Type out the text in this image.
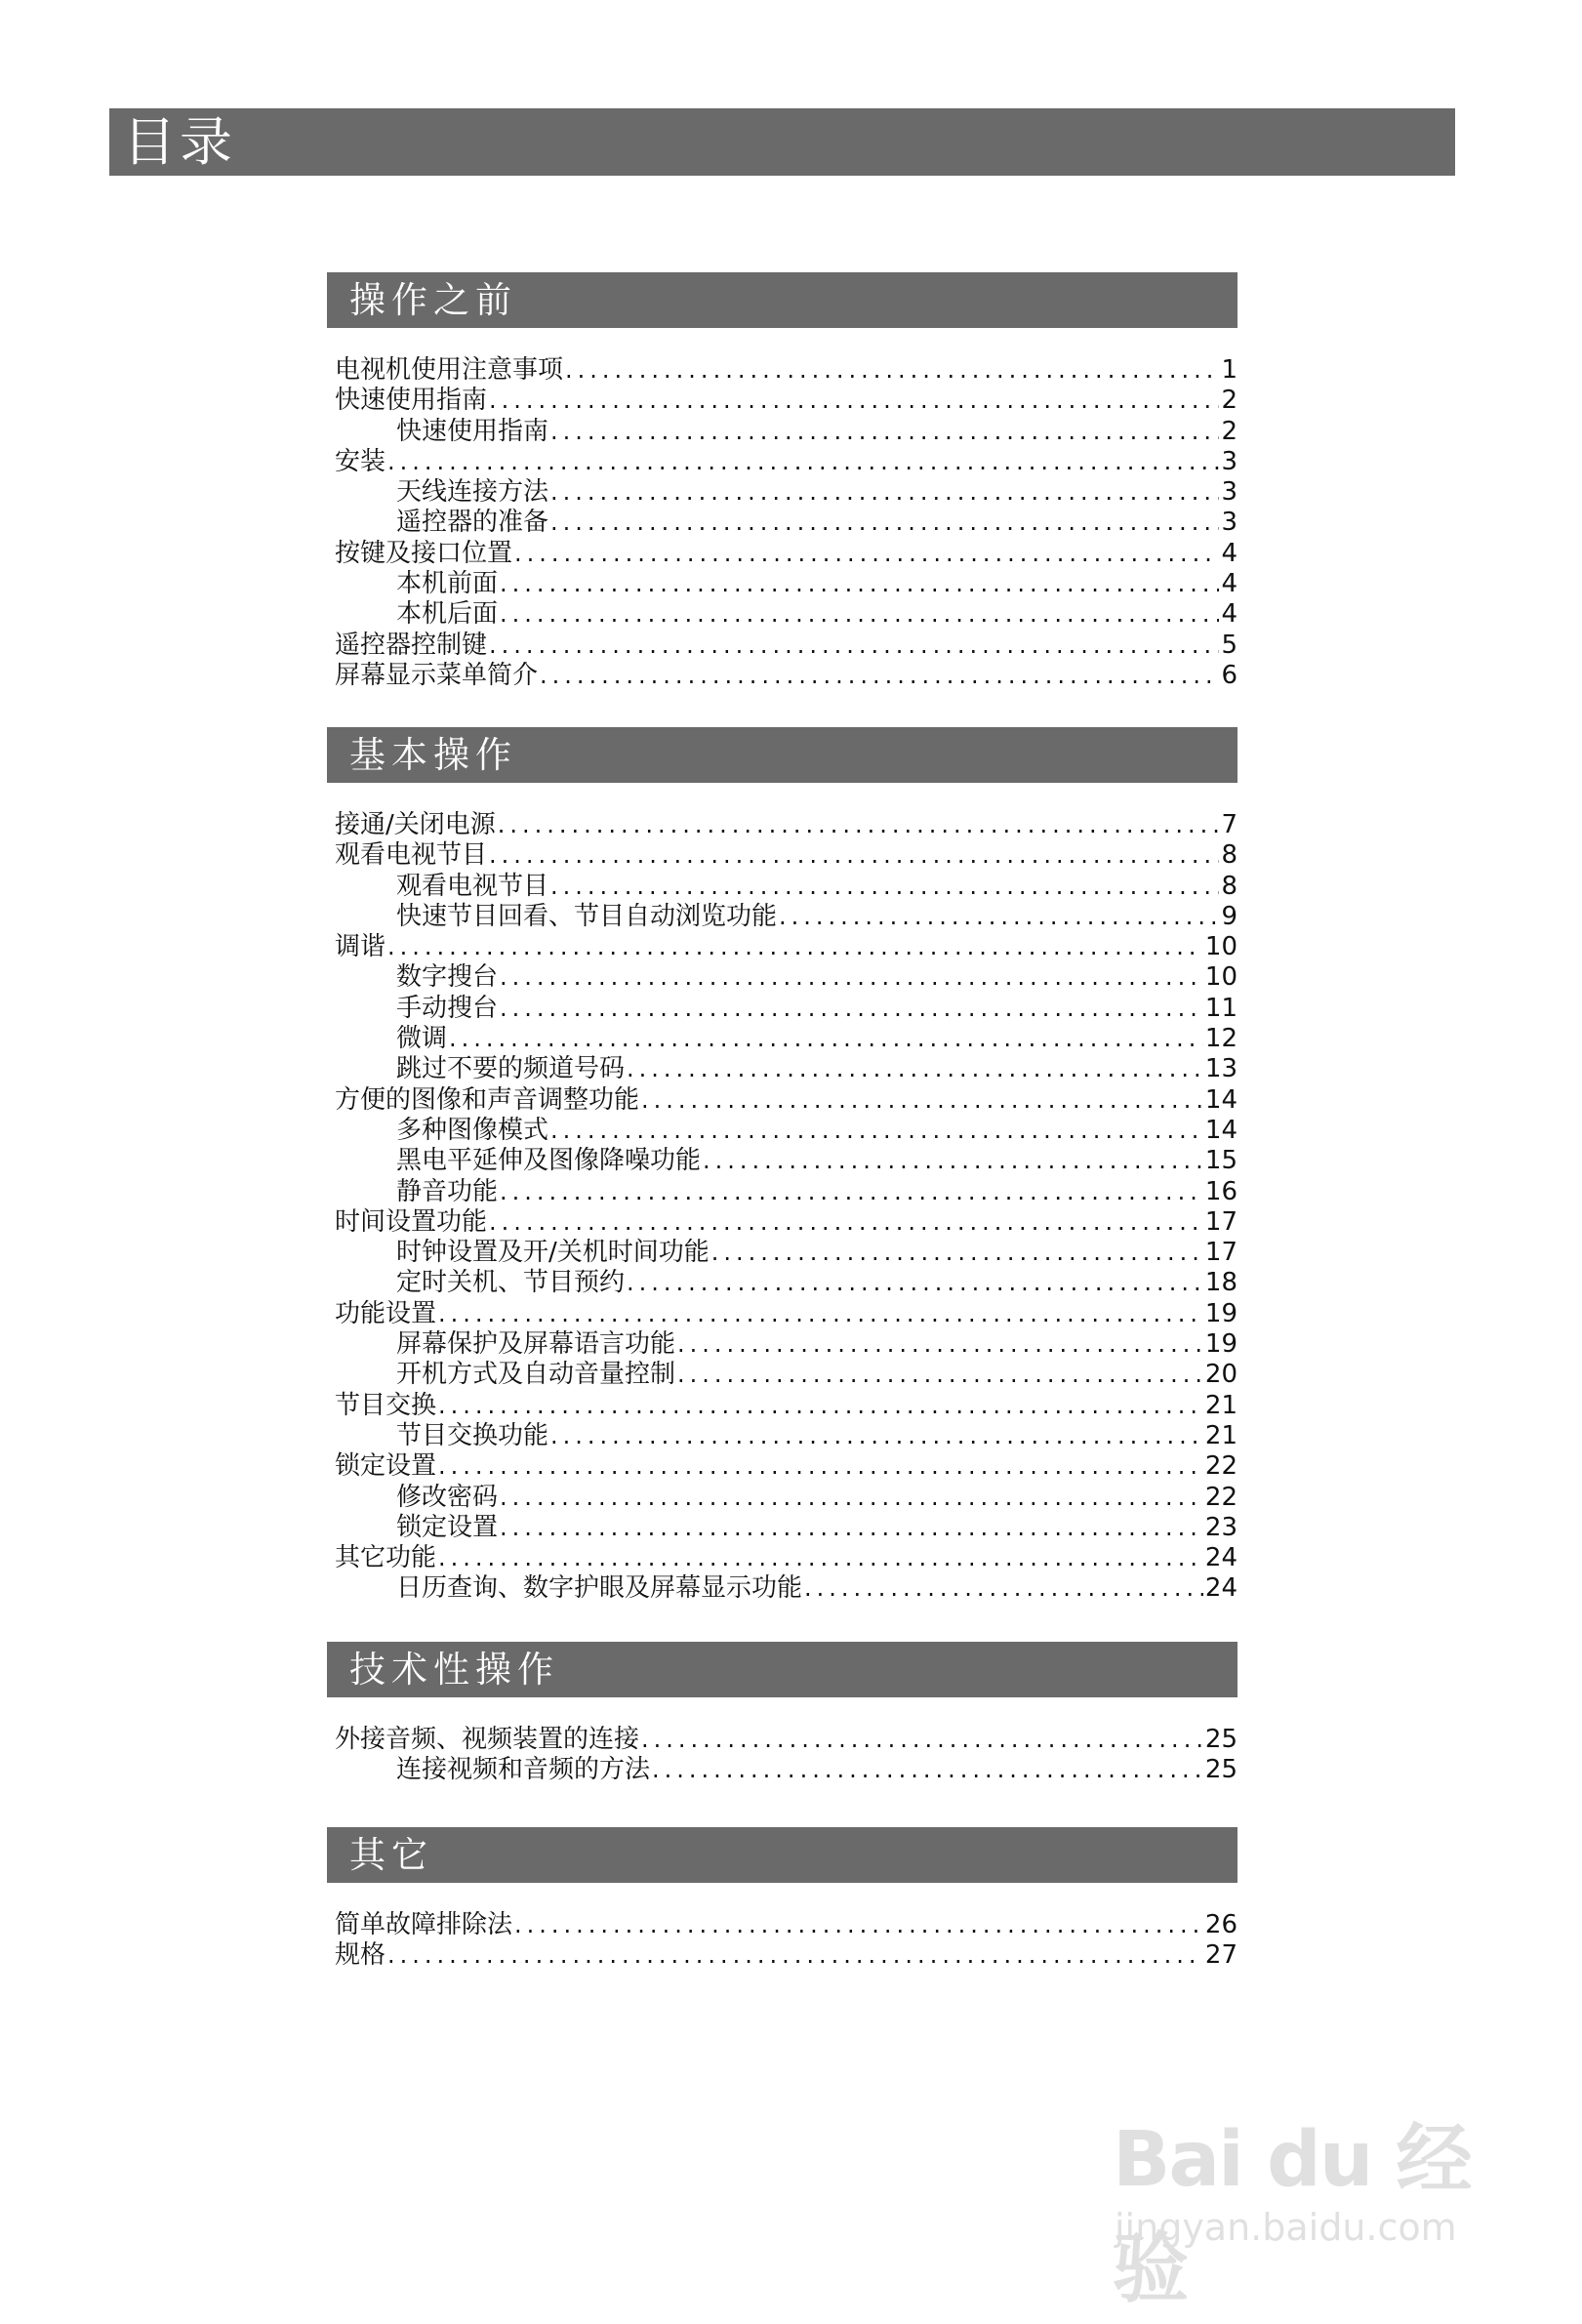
目录
操作之前
电视机使用注意事项 .....	1
快速使用指南 .....	2
快速使用指南 .....	2
安装 .....	3
天线连接方法 .....	3
遥控器的准备 .....	3
按键及接口位置 .....	4
本机前面 .....	4
本机后面 .....	4
遥控器控制键 .....	5
屏幕显示菜单简介 .....	6
基本操作
接通/关闭电源 .....	7
观看电视节目 .....	8
观看电视节目 .....	8
快速节目回看、节目自动浏览功能 .....	9
调谐 .....	10
数字搜台 .....	10
手动搜台 .....	11
微调 .....	12
跳过不要的频道号码 .....	13
方便的图像和声音调整功能 .....	14
多种图像模式 .....	14
黑电平延伸及图像降噪功能 .....	15
静音功能 .....	16
时间设置功能 .....	17
时钟设置及开/关机时间功能 .....	17
定时关机、节目预约 .....	18
功能设置 .....	19
屏幕保护及屏幕语言功能 .....	19
开机方式及自动音量控制 .....	20
节目交换 .....	21
节目交换功能 .....	21
锁定设置 .....	22
修改密码 .....	22
锁定设置 .....	23
其它功能 .....	24
日历查询、数字护眼及屏幕显示功能 .....	24
技术性操作
外接音频、视频装置的连接 .....	25
连接视频和音频的方法 .....	25
其它
简单故障排除法 .....	26
规格 .....	27
Bai du 经验
jingyan.baidu.com
